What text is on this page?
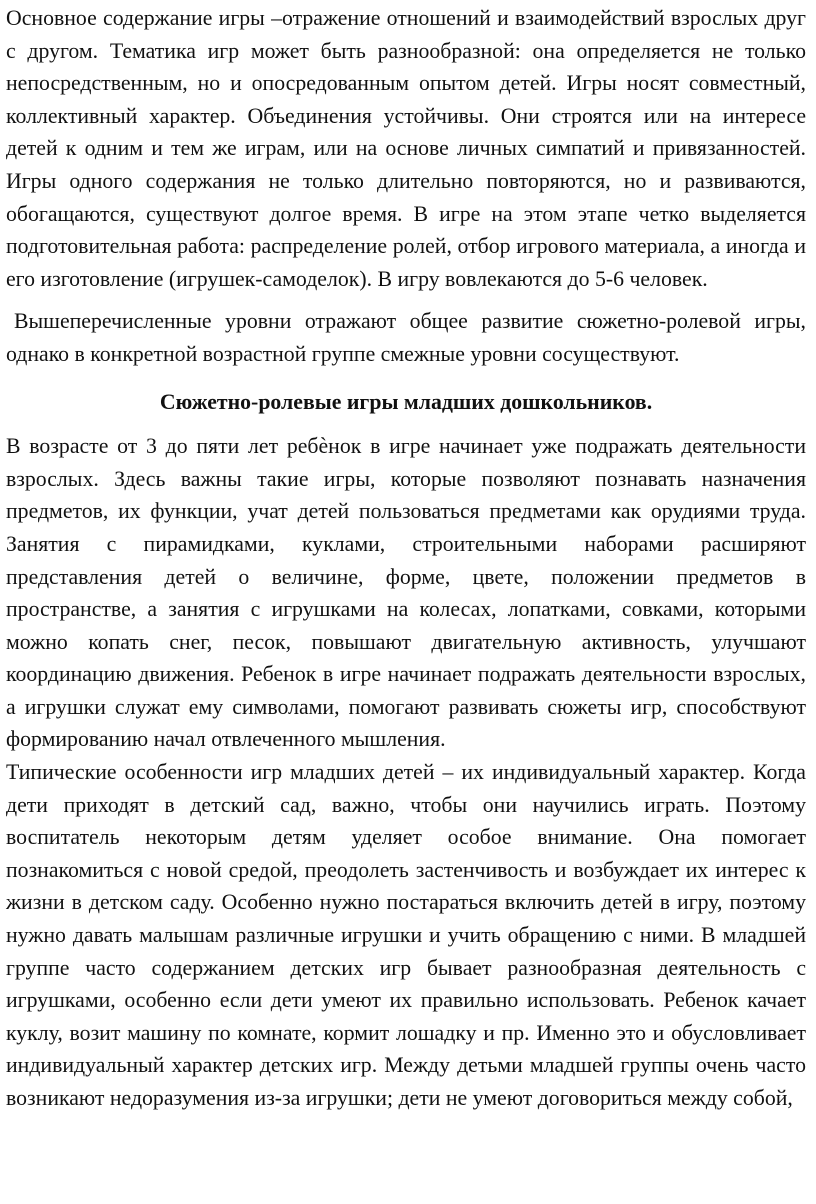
Основное содержание игры –отражение отношений и взаимодействий взрослых друг с другом. Тематика игр может быть разнообразной: она определяется не только непосредственным, но и опосредованным опытом детей. Игры носят совместный, коллективный характер. Объединения устойчивы. Они строятся или на интересе детей к одним и тем же играм, или на основе личных симпатий и привязанностей. Игры одного содержания не только длительно повторяются, но и развиваются, обогащаются, существуют долгое время. В игре на этом этапе четко выделяется подготовительная работа: распределение ролей, отбор игрового материала, а иногда и его изготовление (игрушек-самоделок). В игру вовлекаются до 5-6 человек.

Вышеперечисленные уровни отражают общее развитие сюжетно-ролевой игры, однако в конкретной возрастной группе смежные уровни сосуществуют.

Сюжетно-ролевые игры младших дошкольников.

В возрасте от 3 до пяти лет ребѐнок в игре начинает уже подражать деятельности взрослых. Здесь важны такие игры, которые позволяют познавать назначения предметов, их функции, учат детей пользоваться предметами как орудиями труда. Занятия с пирамидками, куклами, строительными наборами расширяют представления детей о величине, форме, цвете, положении предметов в пространстве, а занятия с игрушками на колесах, лопатками, совками, которыми можно копать снег, песок, повышают двигательную активность, улучшают координацию движения. Ребенок в игре начинает подражать деятельности взрослых, а игрушки служат ему символами, помогают развивать сюжеты игр, способствуют формированию начал отвлеченного мышления.

Типические особенности игр младших детей – их индивидуальный характер. Когда дети приходят в детский сад, важно, чтобы они научились играть. Поэтому воспитатель некоторым детям уделяет особое внимание. Она помогает познакомиться с новой средой, преодолеть застенчивость и возбуждает их интерес к жизни в детском саду. Особенно нужно постараться включить детей в игру, поэтому нужно давать малышам различные игрушки и учить обращению с ними. В младшей группе часто содержанием детских игр бывает разнообразная деятельность с игрушками, особенно если дети умеют их правильно использовать. Ребенок качает куклу, возит машину по комнате, кормит лошадку и пр. Именно это и обусловливает индивидуальный характер детских игр. Между детьми младшей группы очень часто возникают недоразумения из-за игрушки; дети не умеют договориться между собой,
